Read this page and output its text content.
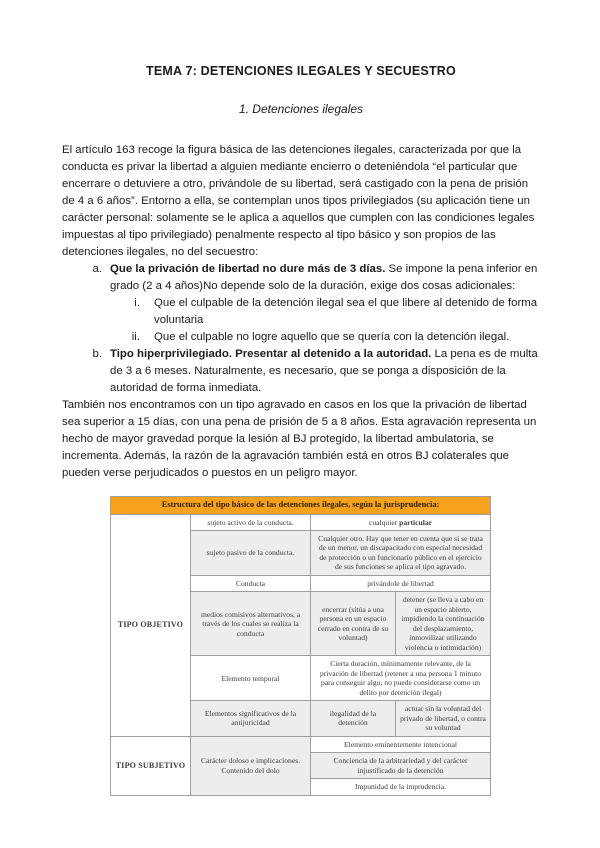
TEMA 7: DETENCIONES ILEGALES Y SECUESTRO
1. Detenciones ilegales

El artículo 163 recoge la figura básica de las detenciones ilegales, caracterizada por que la conducta es privar la libertad a alguien mediante encierro o deteniéndola “el particular que encerrare o detuviere a otro, privándole de su libertad, será castigado con la pena de prisión de 4 a 6 años”. Entorno a ella, se contemplan unos tipos privilegiados (su aplicación tiene un carácter personal: solamente se le aplica a aquellos que cumplen con las condiciones legales impuestas al tipo privilegiado) penalmente respecto al tipo básico y son propios de las detenciones ilegales, no del secuestro:

a. Que la privación de libertad no dure más de 3 días. Se impone la pena inferior en grado (2 a 4 años)No depende solo de la duración, exige dos cosas adicionales:
i.	Que el culpable de la detención ilegal sea el que libere al detenido de forma voluntaria
ii.	Que el culpable no logre aquello que se quería con la detención ilegal.
b. Tipo hiperprivilegiado. Presentar al detenido a la autoridad. La pena es de multa de 3 a 6 meses. Naturalmente, es necesario, que se ponga a disposición de la autoridad de forma inmediata.

También nos encontramos con un tipo agravado en casos en los que la privación de libertad sea superior a 15 días, con una pena de prisión de 5 a 8 años. Esta agravación representa un hecho de mayor gravedad porque la lesión al BJ protegido, la libertad ambulatoria, se incrementa. Además, la razón de la agravación también está en otros BJ colaterales que pueden verse perjudicados o puestos en un peligro mayor.

Estructura del tipo básico de las detenciones ilegales, según la jurisprudencia:			
TIPO OBJETIVO	sujeto activo de la conducta.	cualquier particular	
	sujeto pasivo de la conducta.	Cualquier otro. Hay que tener en cuenta que si se trata de un menor, un discapacitado con especial necesidad de protección o un funcionario público en el ejercicio de sus funciones se aplica el tipo agravado.	
	Conducta	privándole de libertad	
	medios comisivos alternativos, a través de los cuales se realiza la conducta	encerrar (sitúa a una persona en un espacio cerrado en contra de su voluntad)	detener (se lleva a cabo en un espacio abierto, impidiendo la continuación del desplazamiento, inmovilizar utilizando violencia o intimidación)
	Elemento temporal	Cierta duración, mínimamente relevante, de la privación de libertad (retener a una persona 1 minuto para conseguir algo, no puede considerarse como un delito por detención ilegal)	
	Elementos significativos de la antijuricidad	ilegalidad de la detención	actuar sin la voluntad del privado de libertad, o contra su voluntad
TIPO SUBJETIVO	Carácter doloso e implicaciones. Contenido del dolo	Elemento eminentemente intencional	
		Conciencia de la arbitrariedad y del carácter injustificado de la detención	
		Impunidad de la imprudencia.	
